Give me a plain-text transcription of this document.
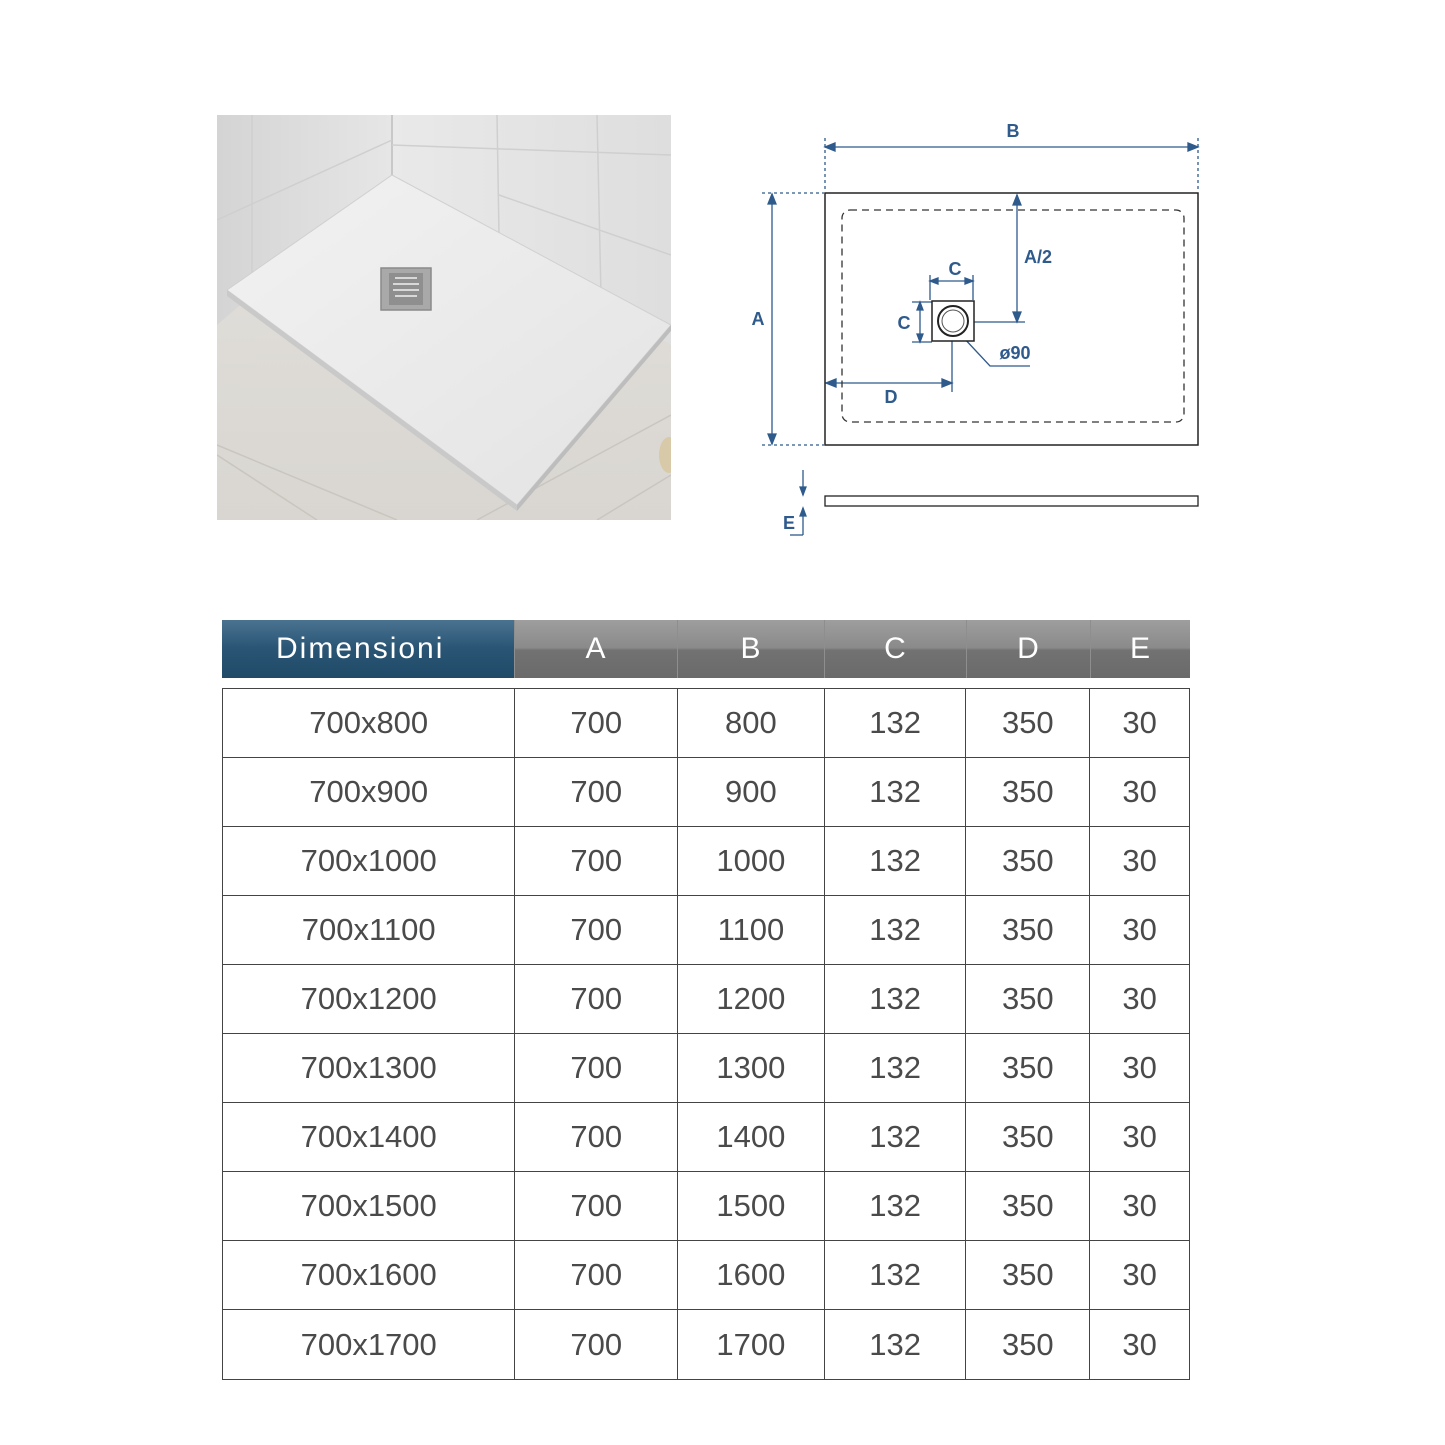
B
A
A/2
C
C
D
ø90
E
Dimensioni	A	B	C	D	E
700x800	700	800	132	350	30
700x900	700	900	132	350	30
700x1000	700	1000	132	350	30
700x1100	700	1100	132	350	30
700x1200	700	1200	132	350	30
700x1300	700	1300	132	350	30
700x1400	700	1400	132	350	30
700x1500	700	1500	132	350	30
700x1600	700	1600	132	350	30
700x1700	700	1700	132	350	30
